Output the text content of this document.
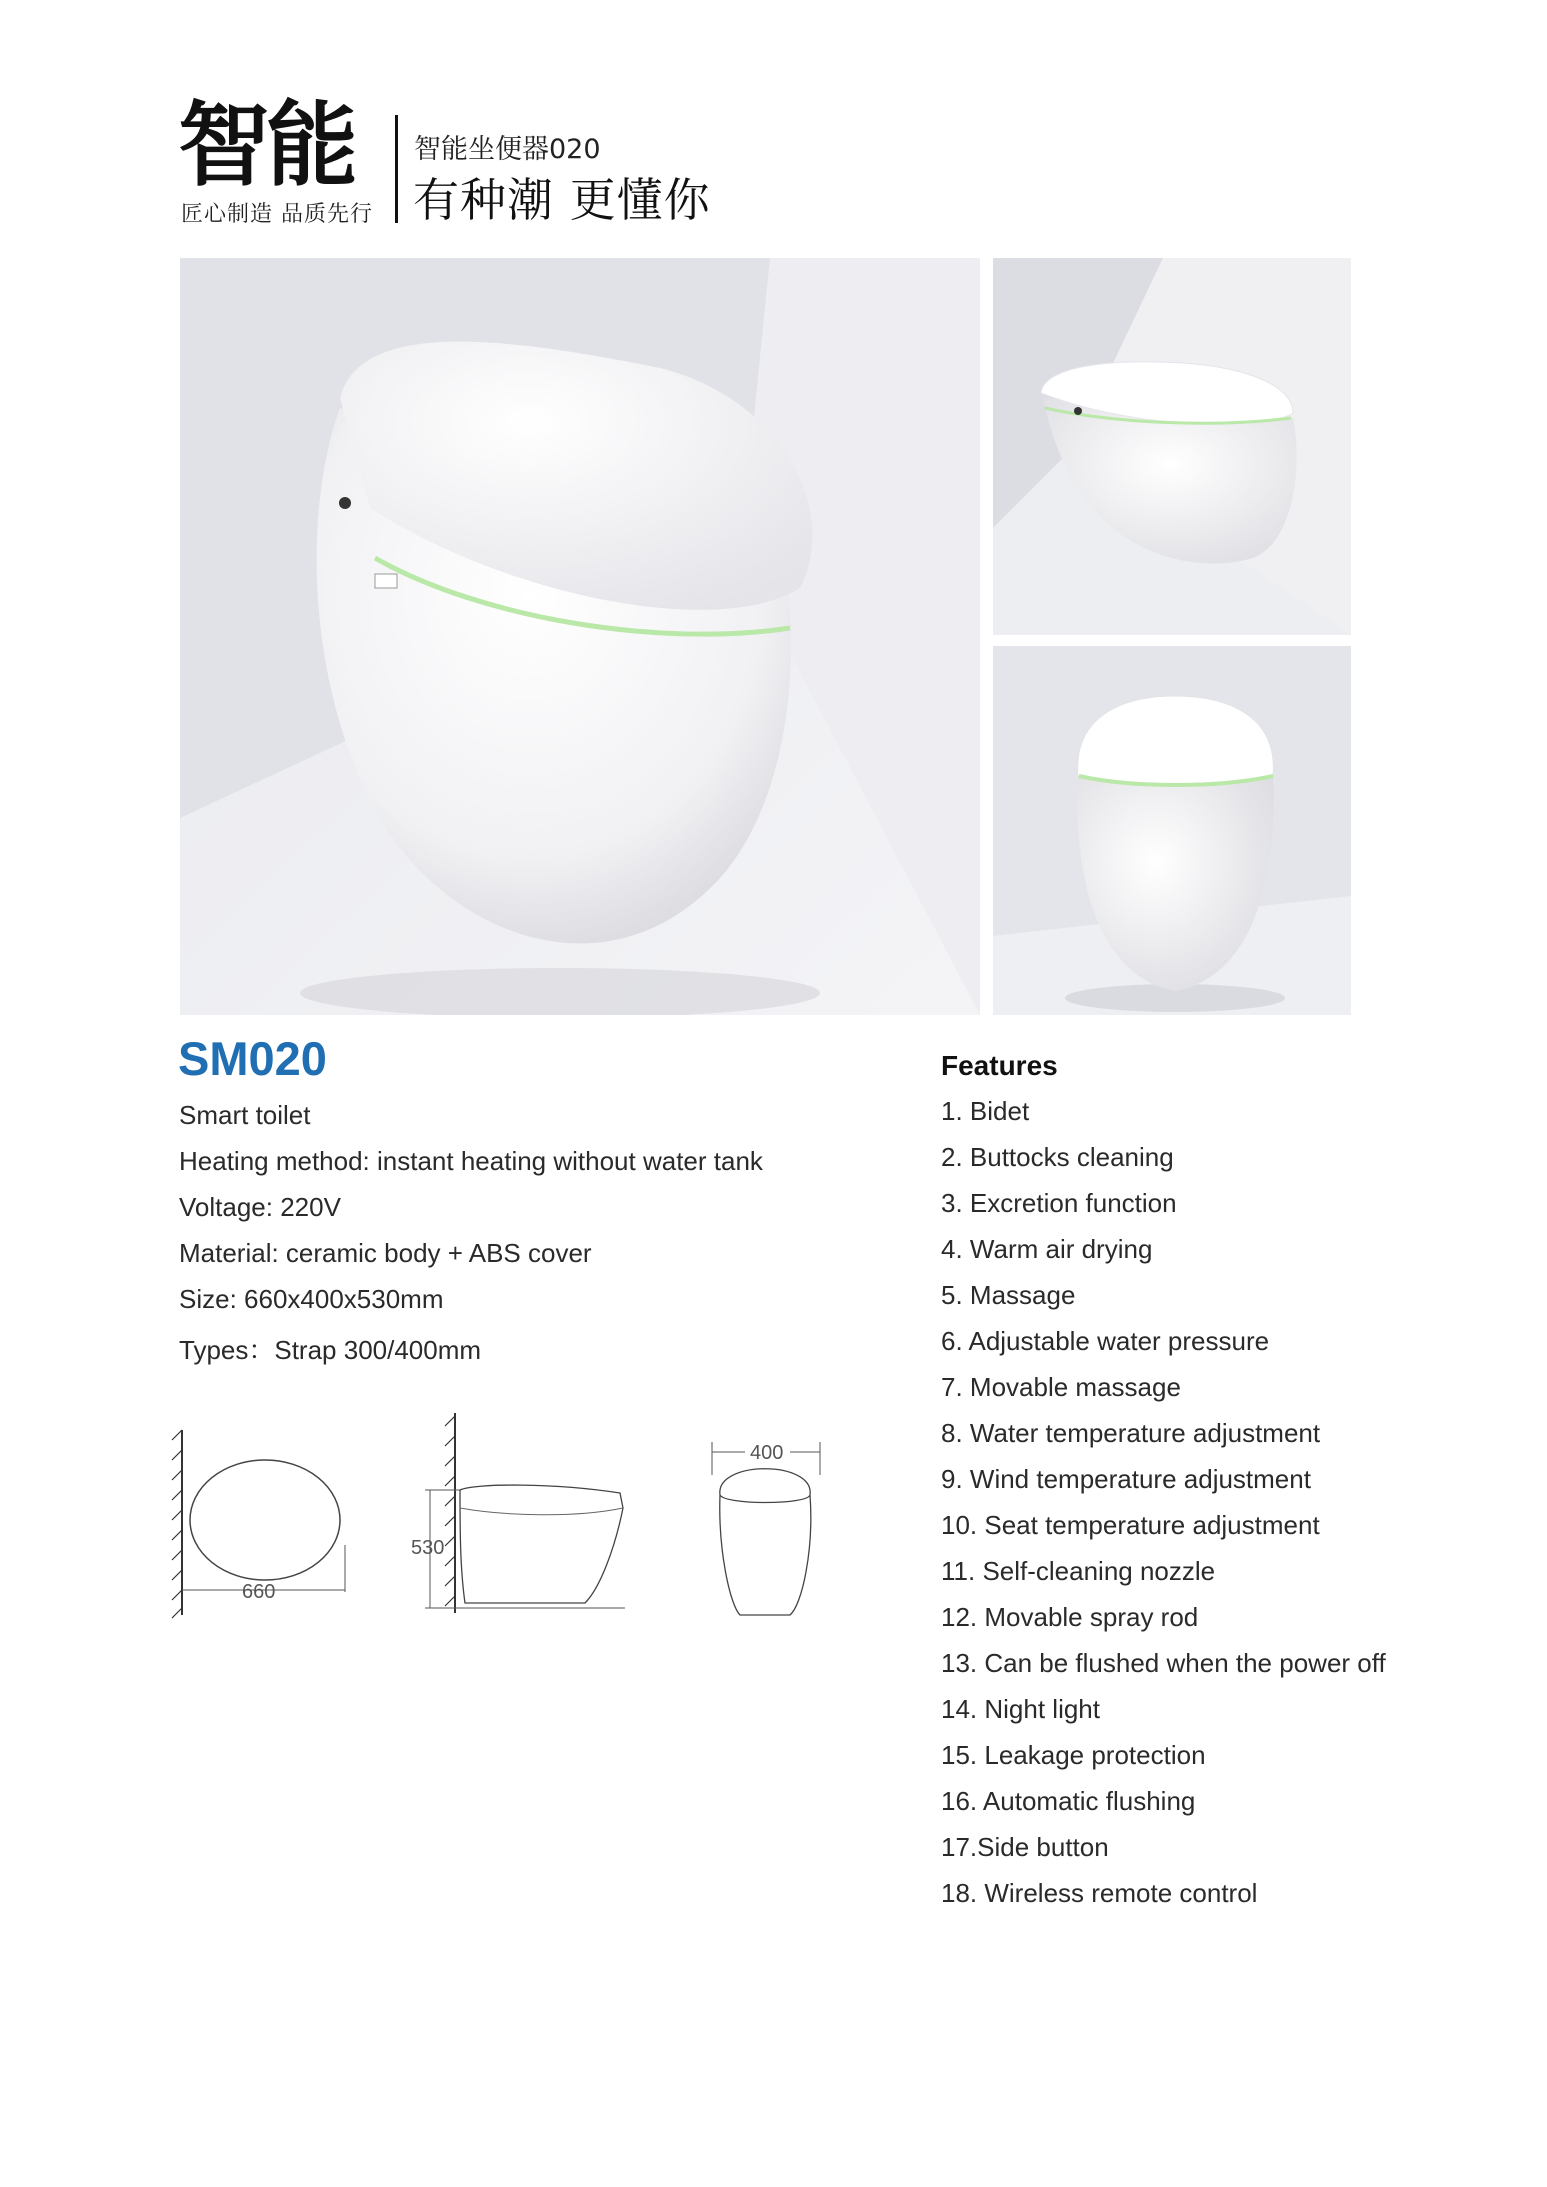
智能
匠心制造 品质先行
智能坐便器020
有种潮 更懂你
SM020
Smart toilet
Heating method: instant heating without water tank
Voltage: 220V
Material: ceramic body + ABS cover
Size: 660x400x530mm
Types：Strap 300/400mm
Features
1. Bidet
2. Buttocks cleaning
3. Excretion function
4. Warm air drying
5. Massage
6. Adjustable water pressure
7. Movable massage
8. Water temperature adjustment
9. Wind temperature adjustment
10. Seat temperature adjustment
11. Self-cleaning nozzle
12. Movable spray rod
13. Can be flushed when the power off
14. Night light
15. Leakage protection
16. Automatic flushing
17.Side button
18. Wireless remote control
660
530
400
